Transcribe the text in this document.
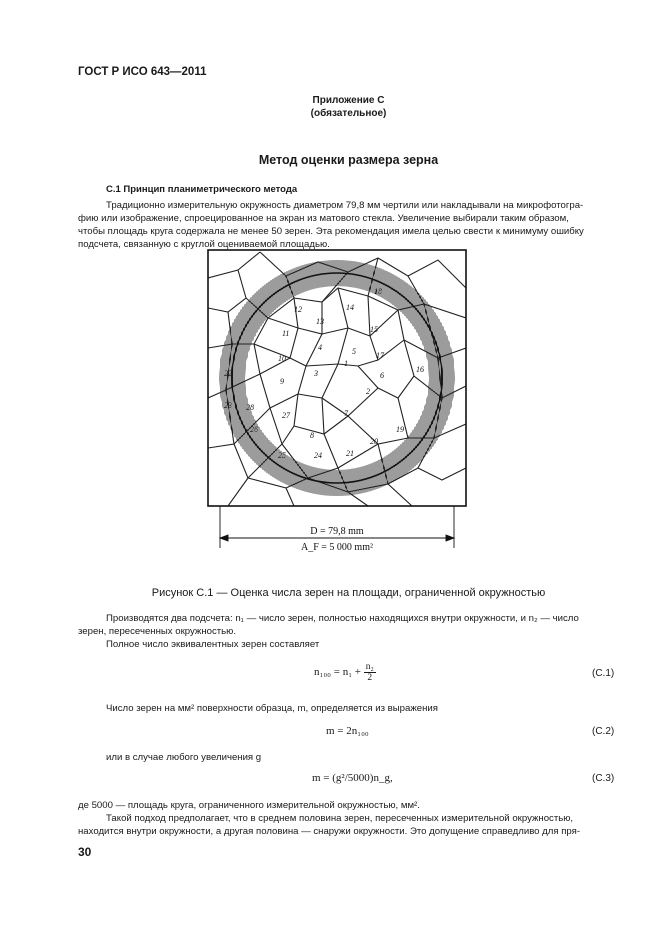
ГОСТ Р ИСО 643—2011
Приложение С
(обязательное)
Метод оценки размера зерна
С.1 Принцип планиметрического метода
Традиционно измерительную окружность диаметром 79,8 мм чертили или накладывали на микрофотогра-
фию или изображение, спроецированное на экран из матового стекла. Увеличение выбирали таким образом,
чтобы площадь круга содержала не менее 50 зерен. Эта рекомендация имела целью свести к минимуму ошибку
подсчета, связанную с круглой оцениваемой площадью.
1
2
3
4	5
6
7
8
9
10
11
12
13
14
15
16
17
18
19
20
21
22
23
24
25
26
27
28
D = 79,8 mm
A_F = 5 000 mm²
Рисунок С.1 — Оценка числа зерен на площади, ограниченной окружностью
Производятся два подсчета: n₁ — число зерен, полностью находящихся внутри окружности, и n₂ — число
зерен, пересеченных окружностью.
Полное число эквивалентных зерен составляет
$n_{100} = n_1 + \frac{\text{n₂}}{2}$	(С.1)
Число зерен на мм² поверхности образца, m, определяется из выражения
m = 2n₁₀₀	(С.2)
или в случае любого увеличения g
m = (g²/5000)n_g,	(С.3)
де 5000 — площадь круга, ограниченного измерительной окружностью, мм².
Такой подход предполагает, что в среднем половина зерен, пересеченных измерительной окружностью,
находится внутри окружности, а другая половина — снаружи окружности. Это допущение справедливо для пря-
30
